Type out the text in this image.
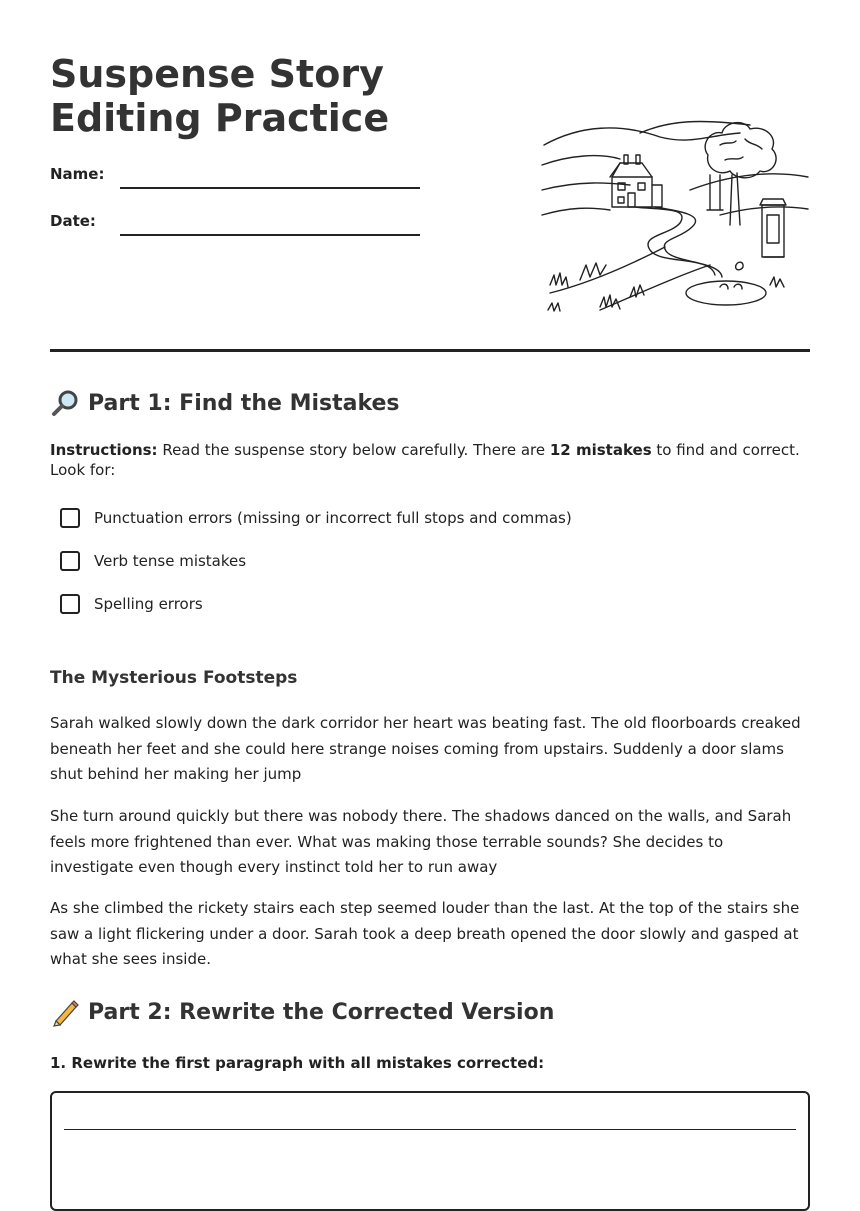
Suspense Story Editing Practice
Name:
Date:
Part 1: Find the Mistakes
Instructions: Read the suspense story below carefully. There are 12 mistakes to find and correct. Look for:
Punctuation errors (missing or incorrect full stops and commas)
Verb tense mistakes
Spelling errors
The Mysterious Footsteps

Sarah walked slowly down the dark corridor her heart was beating fast. The old floorboards creaked beneath her feet and she could here strange noises coming from upstairs. Suddenly a door slams shut behind her making her jump

She turn around quickly but there was nobody there. The shadows danced on the walls, and Sarah feels more frightened than ever. What was making those terrable sounds? She decides to investigate even though every instinct told her to run away

As she climbed the rickety stairs each step seemed louder than the last. At the top of the stairs she saw a light flickering under a door. Sarah took a deep breath opened the door slowly and gasped at what she sees inside.

Part 2: Rewrite the Corrected Version
1. Rewrite the first paragraph with all mistakes corrected:
